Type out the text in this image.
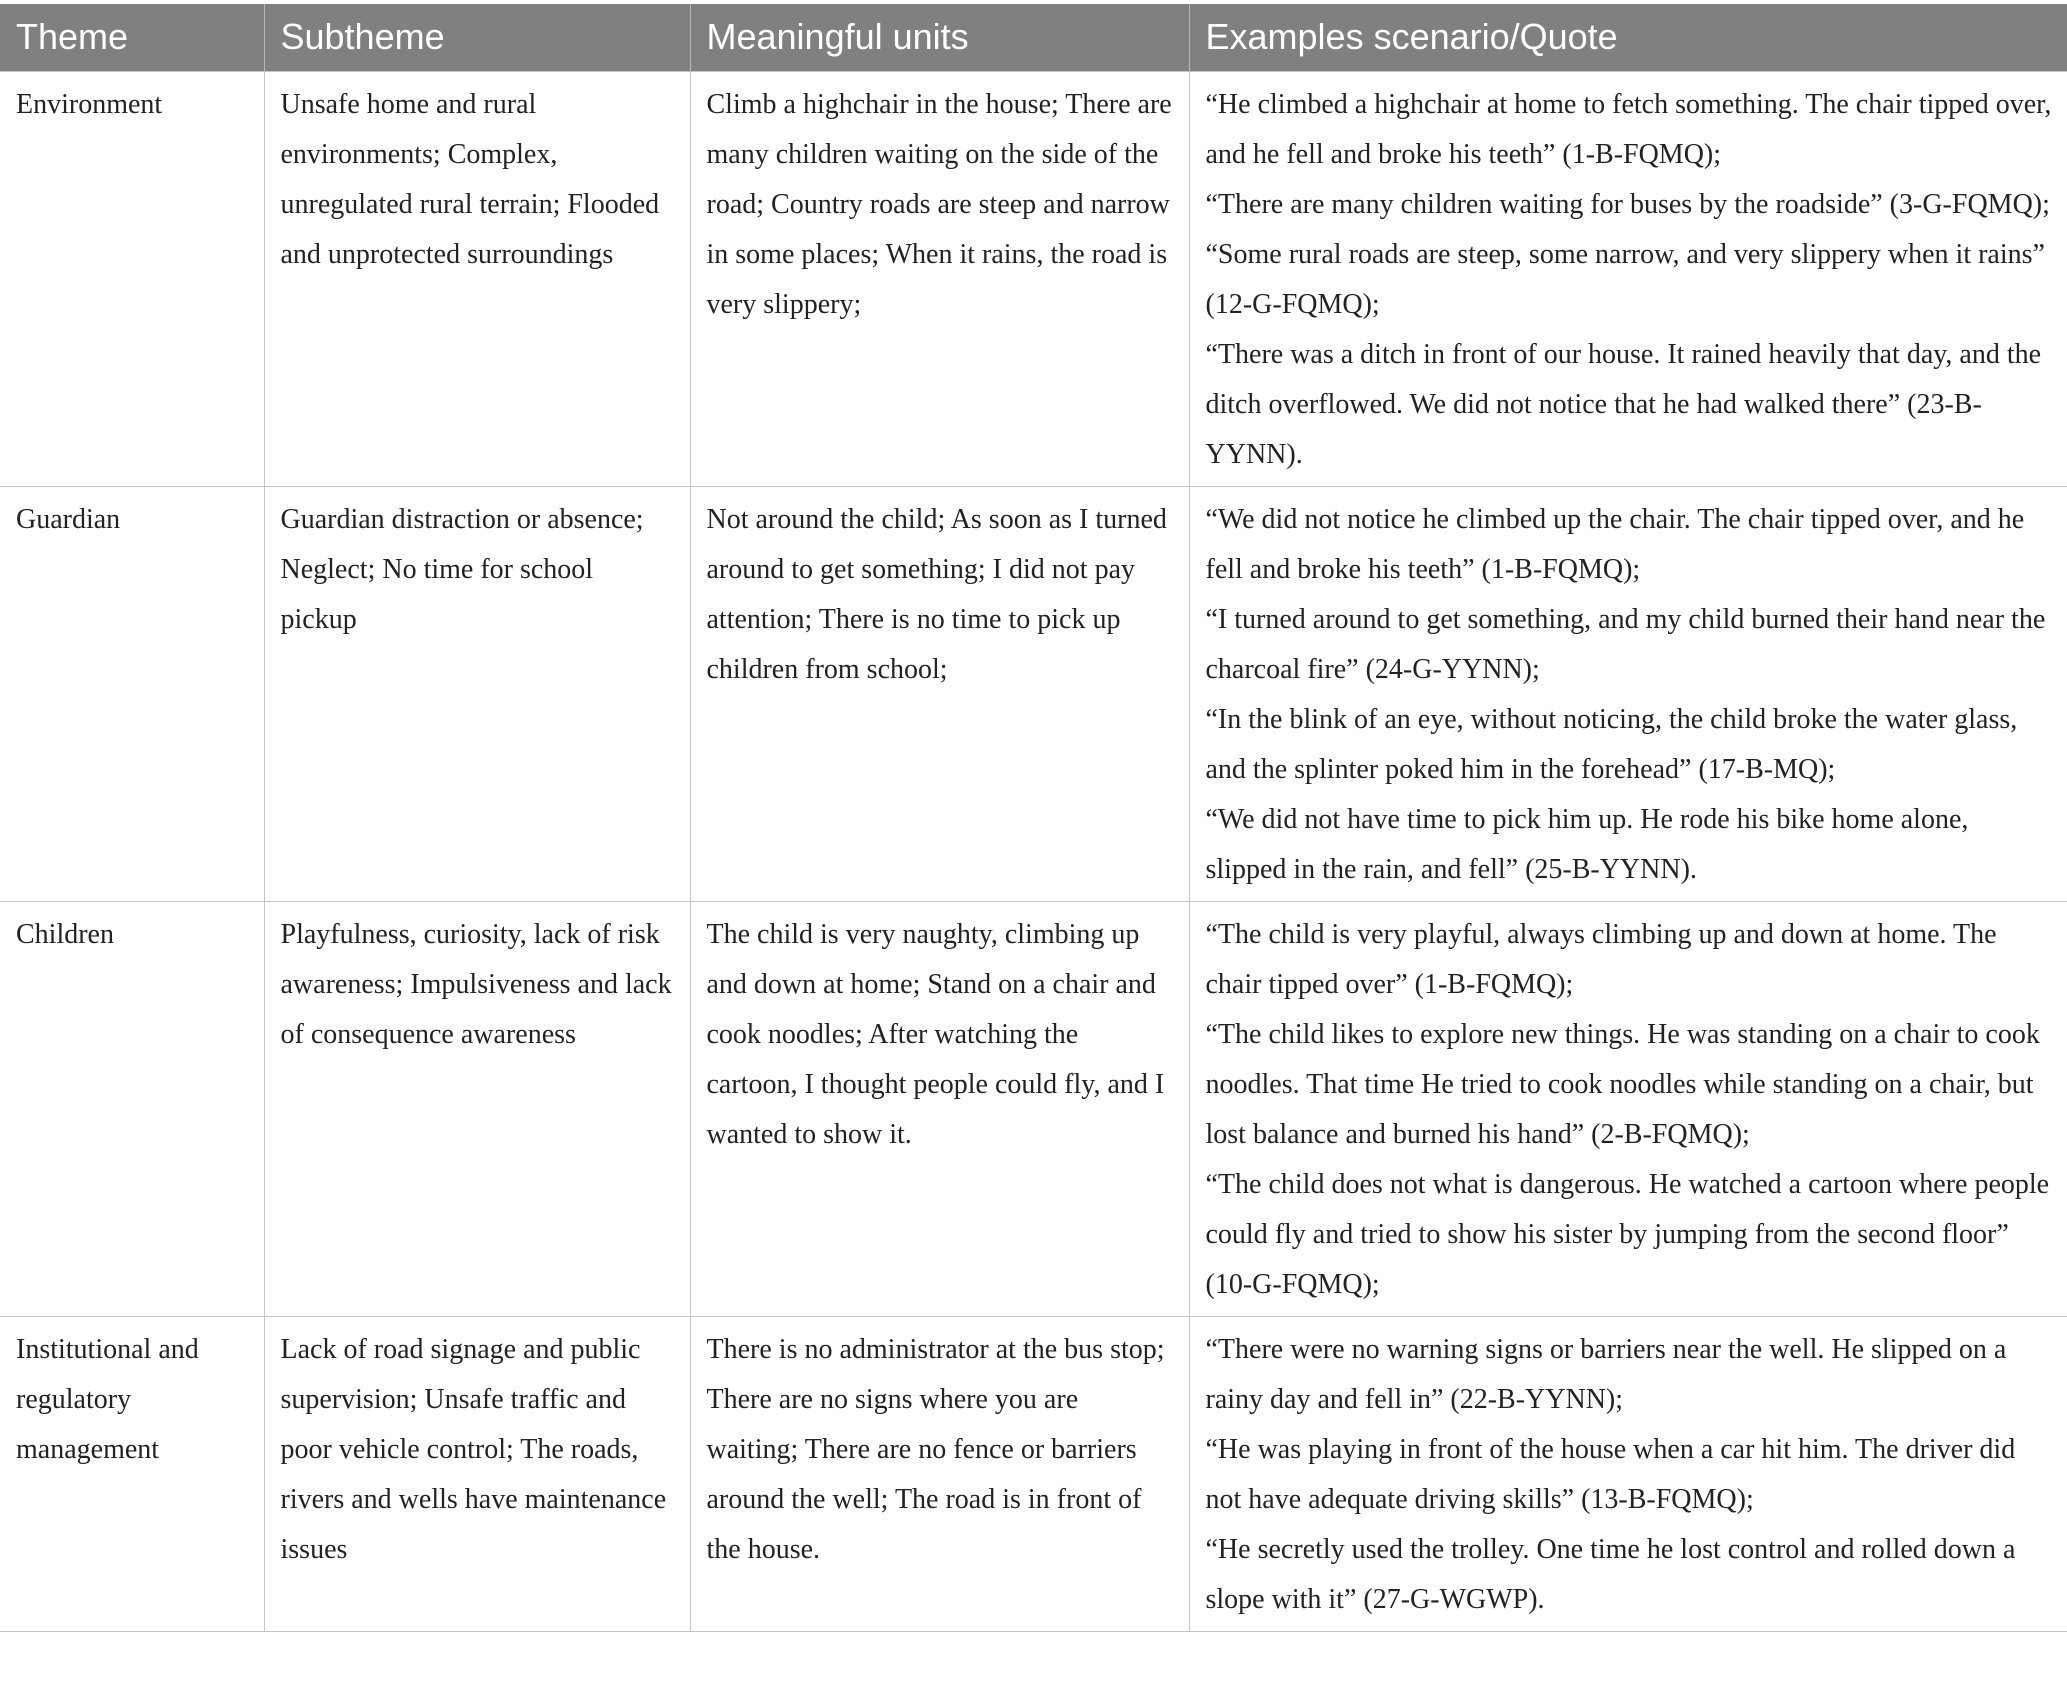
Theme	Subtheme	Meaningful units	Examples scenario/Quote
Environment	Unsafe home and rural environments; Complex, unregulated rural terrain; Flooded and unprotected surroundings	Climb a highchair in the house; There are many children waiting on the side of the road; Country roads are steep and narrow in some places; When it rains, the road is very slippery;	“He climbed a highchair at home to fetch something. The chair tipped over, and he fell and broke his teeth” (1-B-FQMQ);
“There are many children waiting for buses by the roadside” (3-G-FQMQ);
“Some rural roads are steep, some narrow, and very slippery when it rains” (12-G-FQMQ);
“There was a ditch in front of our house. It rained heavily that day, and the ditch overflowed. We did not notice that he had walked there” (23-B-YYNN).

Guardian	Guardian distraction or absence; Neglect; No time for school pickup	Not around the child; As soon as I turned around to get something; I did not pay attention; There is no time to pick up children from school;	“We did not notice he climbed up the chair. The chair tipped over, and he fell and broke his teeth” (1-B-FQMQ);
“I turned around to get something, and my child burned their hand near the charcoal fire” (24-G-YYNN);
“In the blink of an eye, without noticing, the child broke the water glass, and the splinter poked him in the forehead” (17-B-MQ);
“We did not have time to pick him up. He rode his bike home alone, slipped in the rain, and fell” (25-B-YYNN).

Children	Playfulness, curiosity, lack of risk awareness; Impulsiveness and lack of consequence awareness	The child is very naughty, climbing up and down at home; Stand on a chair and cook noodles; After watching the cartoon, I thought people could fly, and I wanted to show it.	“The child is very playful, always climbing up and down at home. The chair tipped over” (1-B-FQMQ);
“The child likes to explore new things. He was standing on a chair to cook noodles. That time He tried to cook noodles while standing on a chair, but lost balance and burned his hand” (2-B-FQMQ);
“The child does not what is dangerous. He watched a cartoon where people could fly and tried to show his sister by jumping from the second floor” (10-G-FQMQ);

Institutional and regulatory management	Lack of road signage and public supervision; Unsafe traffic and poor vehicle control; The roads, rivers and wells have maintenance issues	There is no administrator at the bus stop; There are no signs where you are waiting; There are no fence or barriers around the well; The road is in front of the house.	“There were no warning signs or barriers near the well. He slipped on a rainy day and fell in” (22-B-YYNN);
“He was playing in front of the house when a car hit him. The driver did not have adequate driving skills” (13-B-FQMQ);
“He secretly used the trolley. One time he lost control and rolled down a slope with it” (27-G-WGWP).
